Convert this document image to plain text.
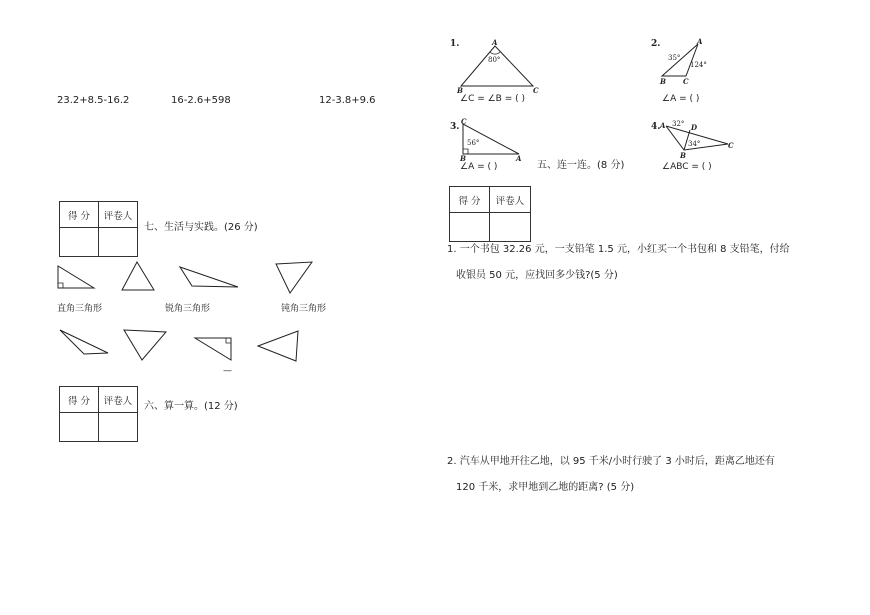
23.2+8.5-16.2	16-2.6+598	12-3.8+9.6
得 分	评卷人

七、生活与实践。(26 分)
直角三角形	锐角三角形	钝角三角形
—
得 分	评卷人
	六、算一算。(12 分)
1.	A
80°
B	C
∠C = ∠B = ( )
2.	A
35°
124°
B C
∠A = ( )
3.
C
56°
B	A
∠A = ( )	五、连一连。(8 分)
4. A 32° D
34°
B
C
∠ABC = ( )
得 分	评卷人

1. 一个书包 32.26 元，一支铅笔 1.5 元，小红买一个书包和 8 支铅笔，付给
收银员 50 元，应找回多少钱?(5 分)
2. 汽车从甲地开往乙地，以 95 千米/小时行驶了 3 小时后，距离乙地还有
120 千米，求甲地到乙地的距离? (5 分)
